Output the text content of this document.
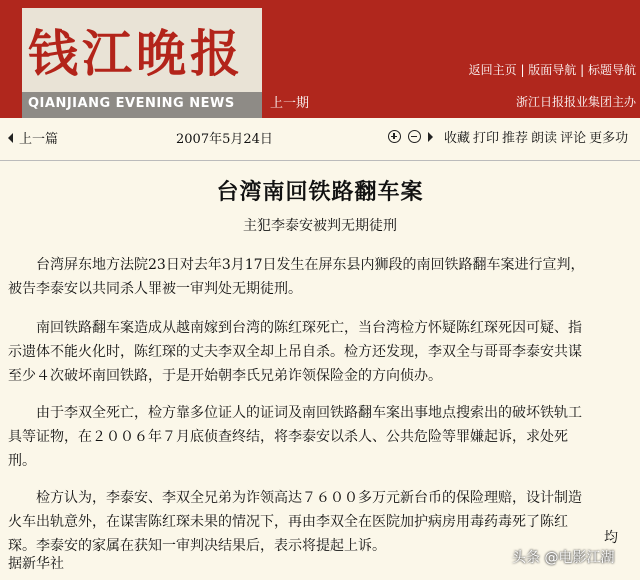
钱江晚报
QIANJIANG EVENING NEWS	上一期
返回主页 | 版面导航 | 标题导航
浙江日报报业集团主办
上一篇	2007年5月24日	收藏 打印 推荐 朗读 评论 更多功
台湾南回铁路翻车案
主犯李泰安被判无期徒刑
台湾屏东地方法院23日对去年3月17日发生在屏东县内狮段的南回铁路翻车案进行宣判，被告李泰安以共同杀人罪被一审判处无期徒刑。
南回铁路翻车案造成从越南嫁到台湾的陈红琛死亡，当台湾检方怀疑陈红琛死因可疑、指示遗体不能火化时，陈红琛的丈夫李双全却上吊自杀。检方还发现，李双全与哥哥李泰安共谋至少４次破坏南回铁路，于是开始朝李氏兄弟诈领保险金的方向侦办。
由于李双全死亡，检方靠多位证人的证词及南回铁路翻车案出事地点搜索出的破坏铁轨工具等证物，在２００６年７月底侦查终结，将李泰安以杀人、公共危险等罪嫌起诉，求处死刑。
检方认为，李泰安、李双全兄弟为诈领高达７６００多万元新台币的保险理赔，设计制造火车出轨意外，在谋害陈红琛未果的情况下，再由李双全在医院加护病房用毒药毒死了陈红琛。李泰安的家属在获知一审判决结果后，表示将提起上诉。	均
据新华社	头条 @电影江湖
